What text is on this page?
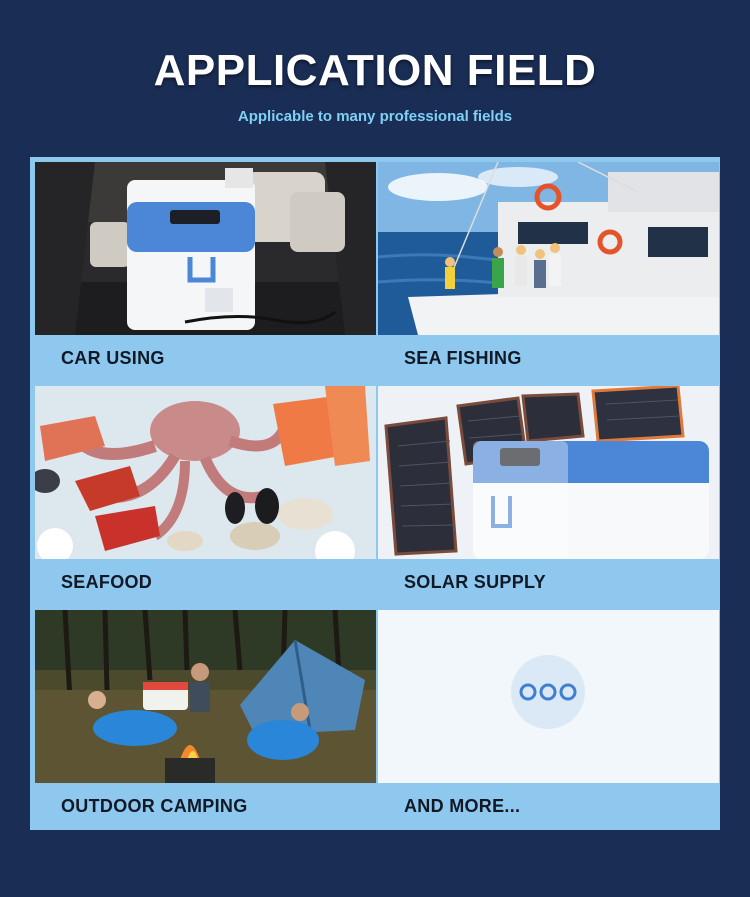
APPLICATION FIELD
Applicable to many professional fields
CAR USING	SEA FISHING
SEAFOOD	SOLAR SUPPLY
OUTDOOR CAMPING	AND MORE...
